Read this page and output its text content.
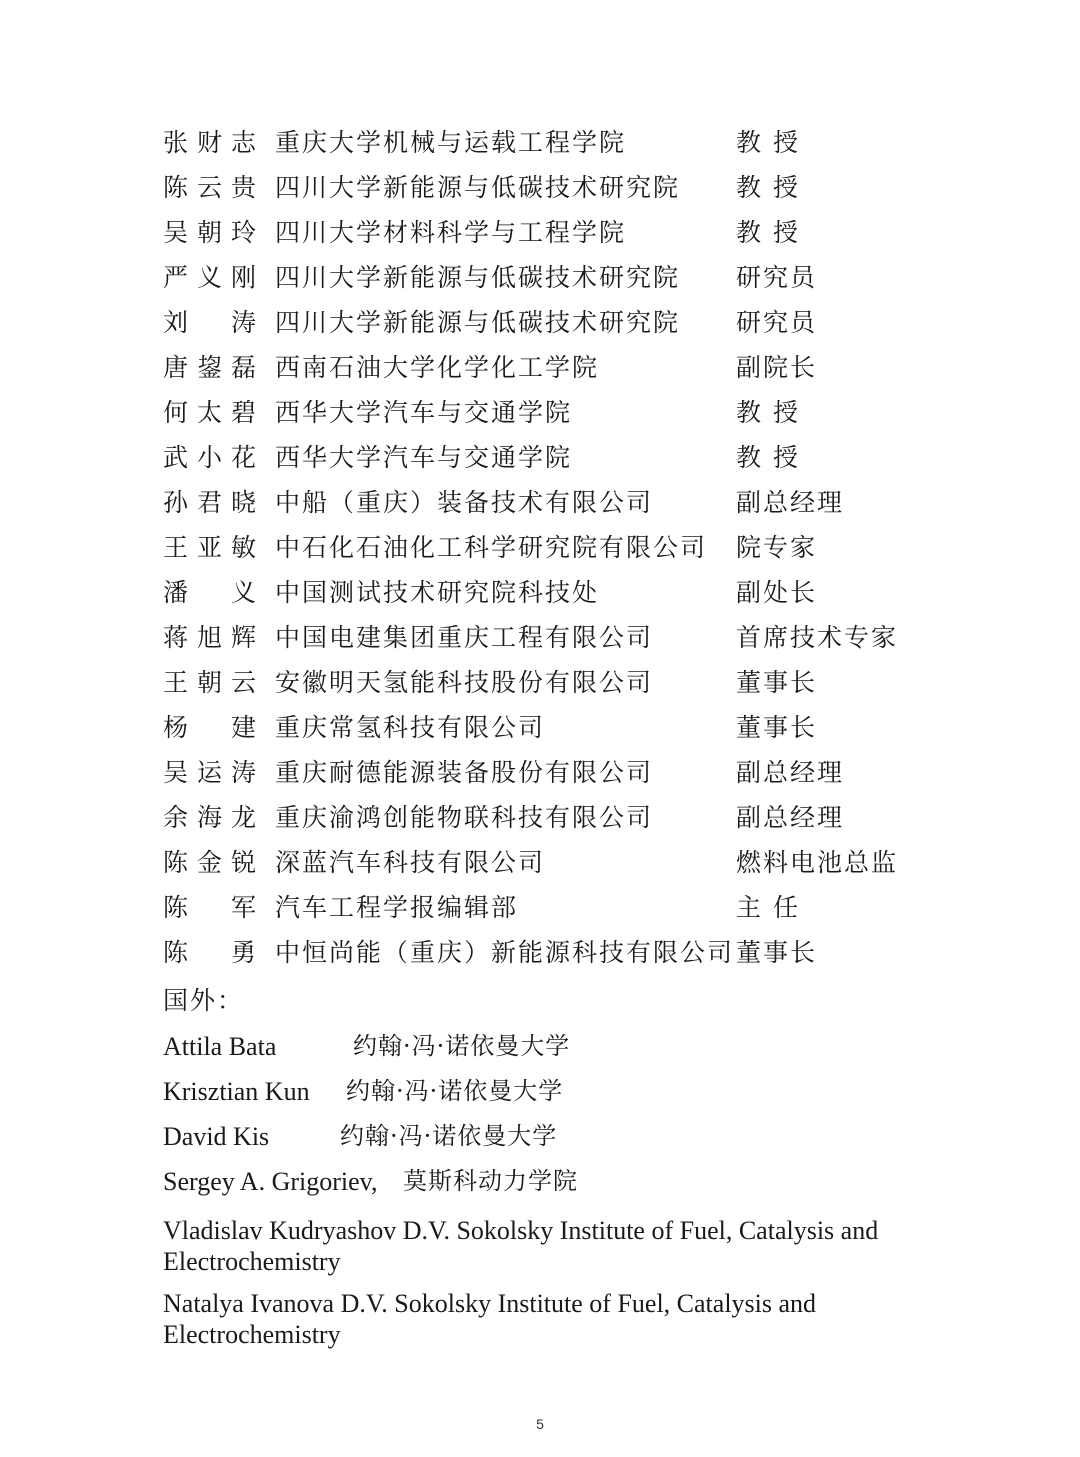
张财志 重庆大学机械与运载工程学院	教 授
陈云贵 四川大学新能源与低碳技术研究院 教 授
吴朝玲 四川大学材料科学与工程学院	教 授
严义刚 四川大学新能源与低碳技术研究院 研究员
刘 涛 四川大学新能源与低碳技术研究院 研究员
唐鋆磊 西南石油大学化学化工学院	副院长
何太碧 西华大学汽车与交通学院	教 授
武小花 西华大学汽车与交通学院	教 授
孙君晓 中船（重庆）装备技术有限公司	副总经理
王亚敏 中石化石油化工科学研究院有限公司 院专家
潘 义 中国测试技术研究院科技处	副处长
蒋旭辉 中国电建集团重庆工程有限公司	首席技术专家
王朝云 安徽明天氢能科技股份有限公司	董事长
杨 建 重庆常氢科技有限公司	董事长
吴运涛 重庆耐德能源装备股份有限公司	副总经理
余海龙 重庆渝鸿创能物联科技有限公司	副总经理
陈金锐 深蓝汽车科技有限公司	燃料电池总监
陈 军 汽车工程学报编辑部	主 任
陈 勇 中恒尚能（重庆）新能源科技有限公司 董事长
国外：
Attila Bata	约翰·冯·诺依曼大学
Krisztian Kun 约翰·冯·诺依曼大学
David Kis	约翰·冯·诺依曼大学
Sergey A. Grigoriev, 莫斯科动力学院
Vladislav Kudryashov D.V. Sokolsky Institute of Fuel, Catalysis and Electrochemistry
Natalya Ivanova D.V. Sokolsky Institute of Fuel, Catalysis and Electrochemistry
5
